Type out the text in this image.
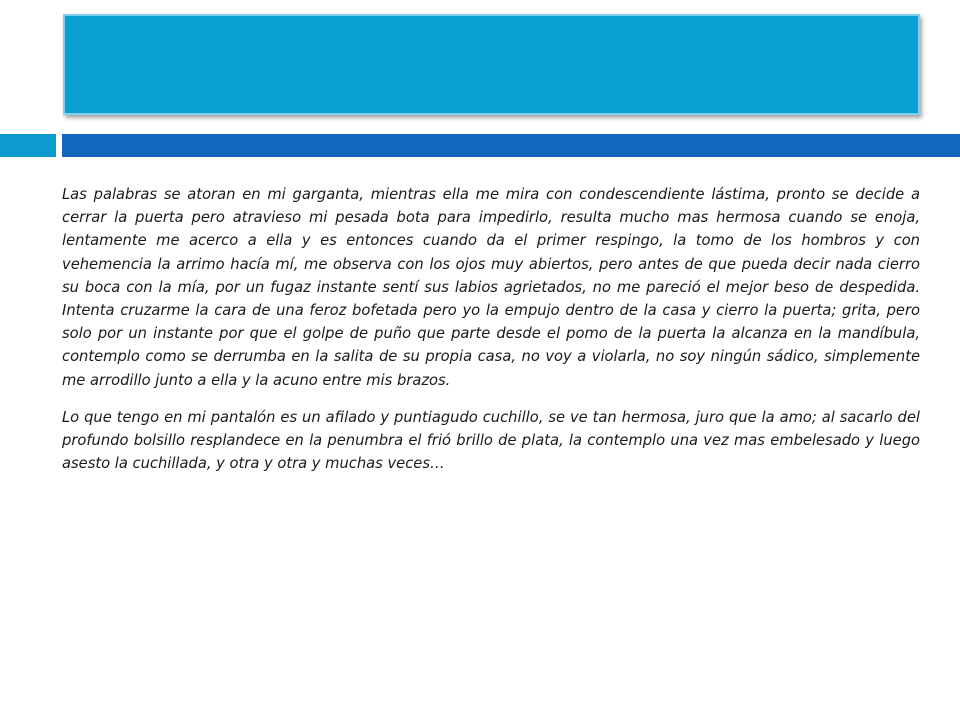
Las palabras se atoran en mi garganta, mientras ella me mira con condescendiente lástima, pronto se decide a cerrar la puerta pero atravieso mi pesada bota para impedirlo, resulta mucho mas hermosa cuando se enoja, lentamente me acerco a ella y es entonces cuando da el primer respingo, la tomo de los hombros y con vehemencia la arrimo hacía mí, me observa con los ojos muy abiertos, pero antes de que pueda decir nada cierro su boca con la mía, por un fugaz instante sentí sus labios agrietados, no me pareció el mejor beso de despedida. Intenta cruzarme la cara de una feroz bofetada pero yo la empujo dentro de la casa y cierro la puerta; grita, pero solo por un instante por que el golpe de puño que parte desde el pomo de la puerta la alcanza en la mandíbula, contemplo como se derrumba en la salita de su propia casa, no voy a violarla, no soy ningún sádico, simplemente me arrodillo junto a ella y la acuno entre mis brazos.

Lo que tengo en mi pantalón es un afilado y puntiagudo cuchillo, se ve tan hermosa, juro que la amo; al sacarlo del profundo bolsillo resplandece en la penumbra el frió brillo de plata, la contemplo una vez mas embelesado y luego asesto la cuchillada, y otra y otra y muchas veces…
